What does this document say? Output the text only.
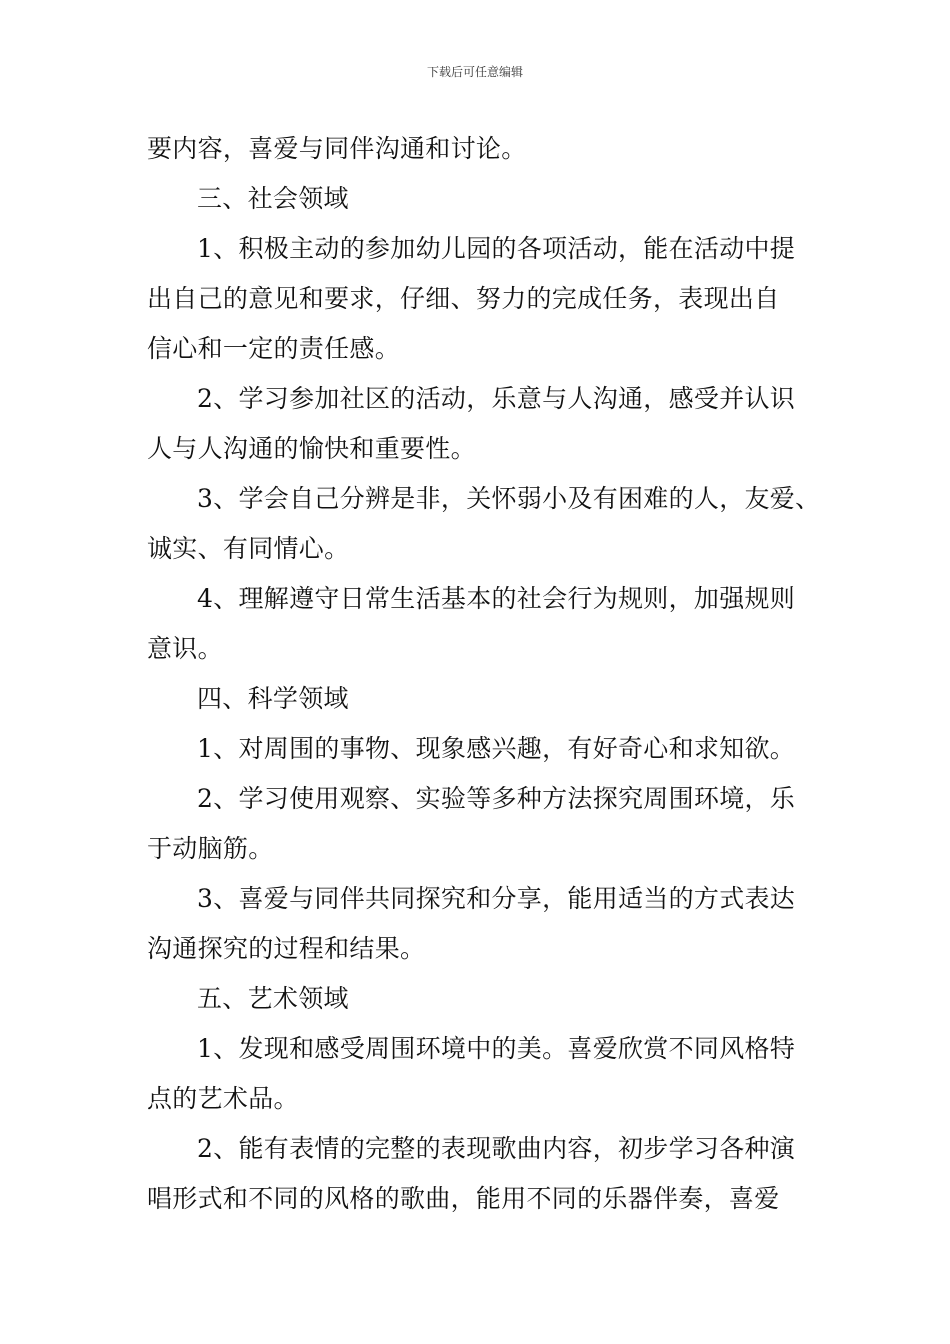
下载后可任意编辑
要内容，喜爱与同伴沟通和讨论。
三、社会领域
1、积极主动的参加幼儿园的各项活动，能在活动中提
出自己的意见和要求，仔细、努力的完成任务，表现出自
信心和一定的责任感。
2、学习参加社区的活动，乐意与人沟通，感受并认识
人与人沟通的愉快和重要性。
3、学会自己分辨是非，关怀弱小及有困难的人，友爱、
诚实、有同情心。
4、理解遵守日常生活基本的社会行为规则，加强规则
意识。
四、科学领域
1、对周围的事物、现象感兴趣，有好奇心和求知欲。
2、学习使用观察、实验等多种方法探究周围环境，乐
于动脑筋。
3、喜爱与同伴共同探究和分享，能用适当的方式表达
沟通探究的过程和结果。
五、艺术领域
1、发现和感受周围环境中的美。喜爱欣赏不同风格特
点的艺术品。
2、能有表情的完整的表现歌曲内容，初步学习各种演
唱形式和不同的风格的歌曲，能用不同的乐器伴奏，喜爱
